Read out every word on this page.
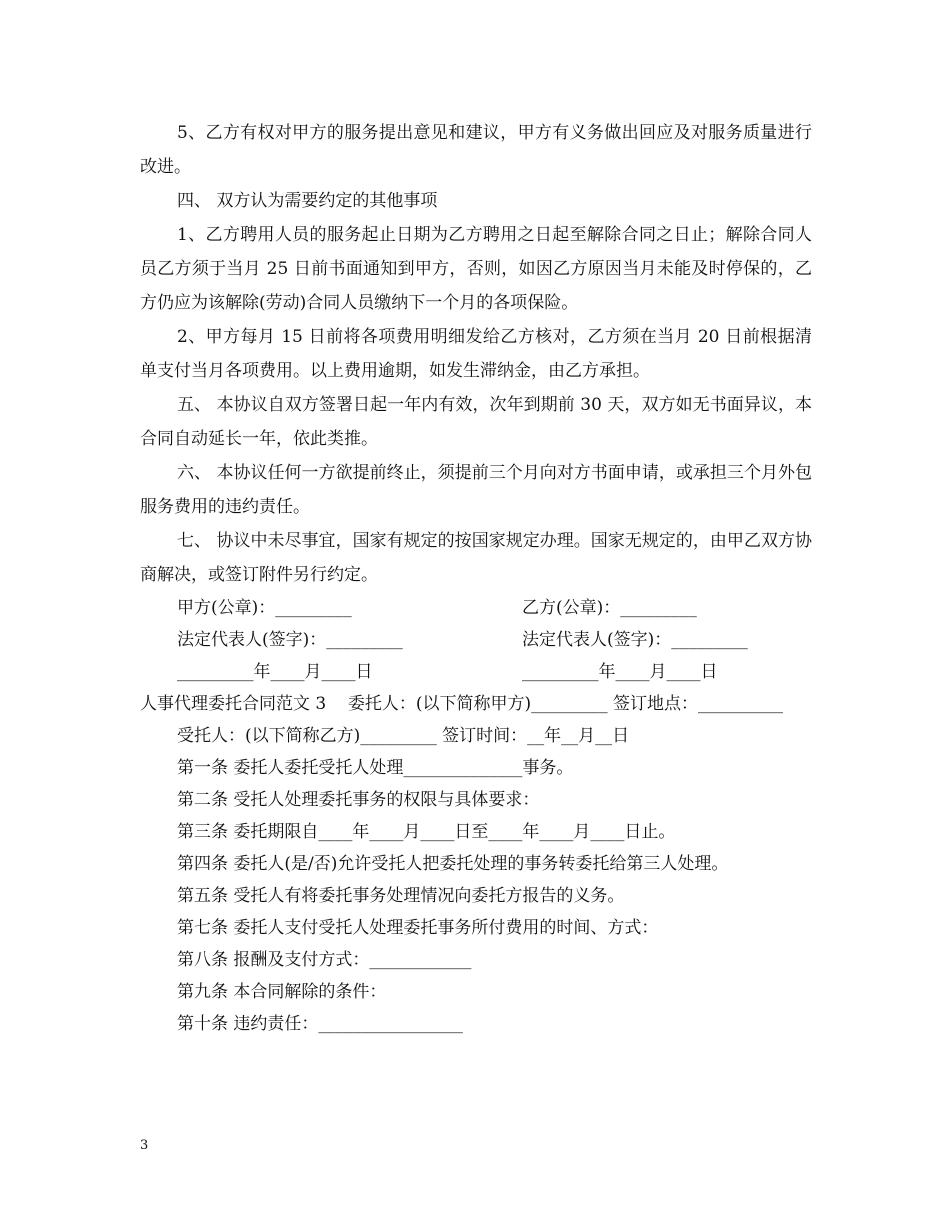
5、乙方有权对甲方的服务提出意见和建议，甲方有义务做出回应及对服务质量进行改进。

四、 双方认为需要约定的其他事项

1、乙方聘用人员的服务起止日期为乙方聘用之日起至解除合同之日止；解除合同人员乙方须于当月 25 日前书面通知到甲方，否则，如因乙方原因当月未能及时停保的，乙方仍应为该解除(劳动)合同人员缴纳下一个月的各项保险。

2、甲方每月 15 日前将各项费用明细发给乙方核对，乙方须在当月 20 日前根据清单支付当月各项费用。以上费用逾期，如发生滞纳金，由乙方承担。

五、 本协议自双方签署日起一年内有效，次年到期前 30 天，双方如无书面异议，本合同自动延长一年，依此类推。

六、 本协议任何一方欲提前终止，须提前三个月向对方书面申请，或承担三个月外包服务费用的违约责任。

七、 协议中未尽事宜，国家有规定的按国家规定办理。国家无规定的，由甲乙双方协商解决，或签订附件另行约定。

甲方(公章)：_________	乙方(公章)：_________
法定代表人(签字)：_________	法定代表人(签字)：_________
_________年____月____日	_________年____月____日

人事代理委托合同范文 3    委托人：(以下简称甲方)_________ 签订地点：__________

受托人：(以下简称乙方)_________ 签订时间：__年__月__日

第一条 委托人委托受托人处理______________事务。

第二条 受托人处理委托事务的权限与具体要求：

第三条 委托期限自____年____月____日至____年____月____日止。

第四条 委托人(是/否)允许受托人把委托处理的事务转委托给第三人处理。

第五条 受托人有将委托事务处理情况向委托方报告的义务。

第七条 委托人支付受托人处理委托事务所付费用的时间、方式：

第八条 报酬及支付方式：____________

第九条 本合同解除的条件：

第十条 违约责任：_________________

3
